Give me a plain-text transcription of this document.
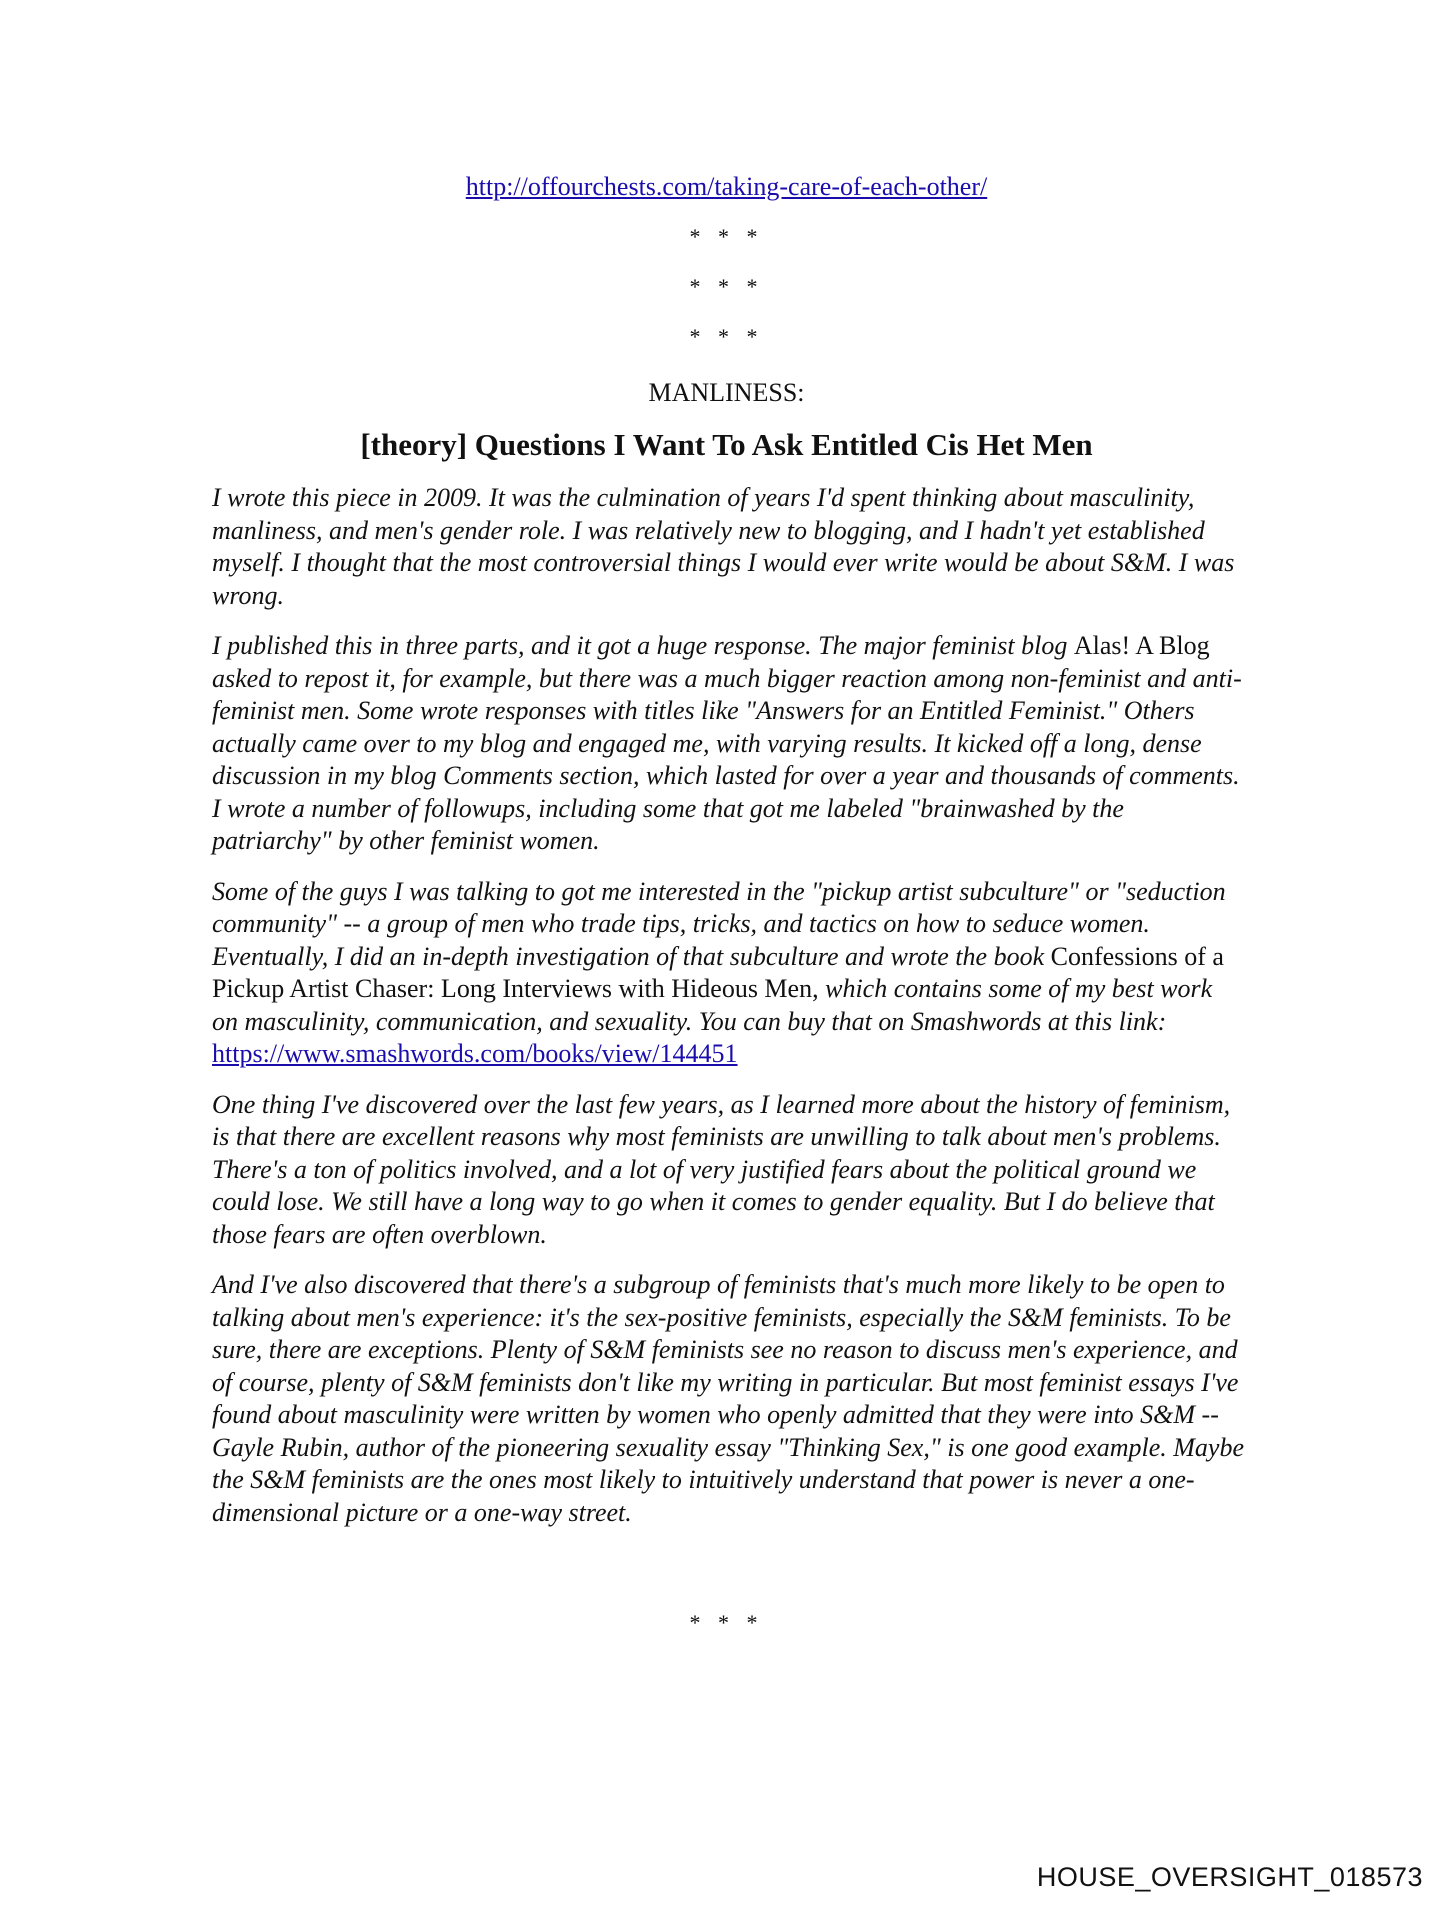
http://offourchests.com/taking-care-of-each-other/
* * *
* * *
* * *
MANLINESS:
[theory] Questions I Want To Ask Entitled Cis Het Men

I wrote this piece in 2009. It was the culmination of years I'd spent thinking about masculinity, manliness, and men's gender role. I was relatively new to blogging, and I hadn't yet established myself. I thought that the most controversial things I would ever write would be about S&M. I was wrong.

I published this in three parts, and it got a huge response. The major feminist blog Alas! A Blog asked to repost it, for example, but there was a much bigger reaction among non-feminist and anti-feminist men. Some wrote responses with titles like "Answers for an Entitled Feminist." Others actually came over to my blog and engaged me, with varying results. It kicked off a long, dense discussion in my blog Comments section, which lasted for over a year and thousands of comments. I wrote a number of followups, including some that got me labeled "brainwashed by the patriarchy" by other feminist women.

Some of the guys I was talking to got me interested in the "pickup artist subculture" or "seduction community" -- a group of men who trade tips, tricks, and tactics on how to seduce women. Eventually, I did an in-depth investigation of that subculture and wrote the book Confessions of a Pickup Artist Chaser: Long Interviews with Hideous Men, which contains some of my best work on masculinity, communication, and sexuality. You can buy that on Smashwords at this link:
https://www.smashwords.com/books/view/144451

One thing I've discovered over the last few years, as I learned more about the history of feminism, is that there are excellent reasons why most feminists are unwilling to talk about men's problems. There's a ton of politics involved, and a lot of very justified fears about the political ground we could lose. We still have a long way to go when it comes to gender equality. But I do believe that those fears are often overblown.

And I've also discovered that there's a subgroup of feminists that's much more likely to be open to talking about men's experience: it's the sex-positive feminists, especially the S&M feminists. To be sure, there are exceptions. Plenty of S&M feminists see no reason to discuss men's experience, and of course, plenty of S&M feminists don't like my writing in particular. But most feminist essays I've found about masculinity were written by women who openly admitted that they were into S&M -- Gayle Rubin, author of the pioneering sexuality essay "Thinking Sex," is one good example. Maybe the S&M feminists are the ones most likely to intuitively understand that power is never a one-dimensional picture or a one-way street.

* * *
HOUSE_OVERSIGHT_018573
